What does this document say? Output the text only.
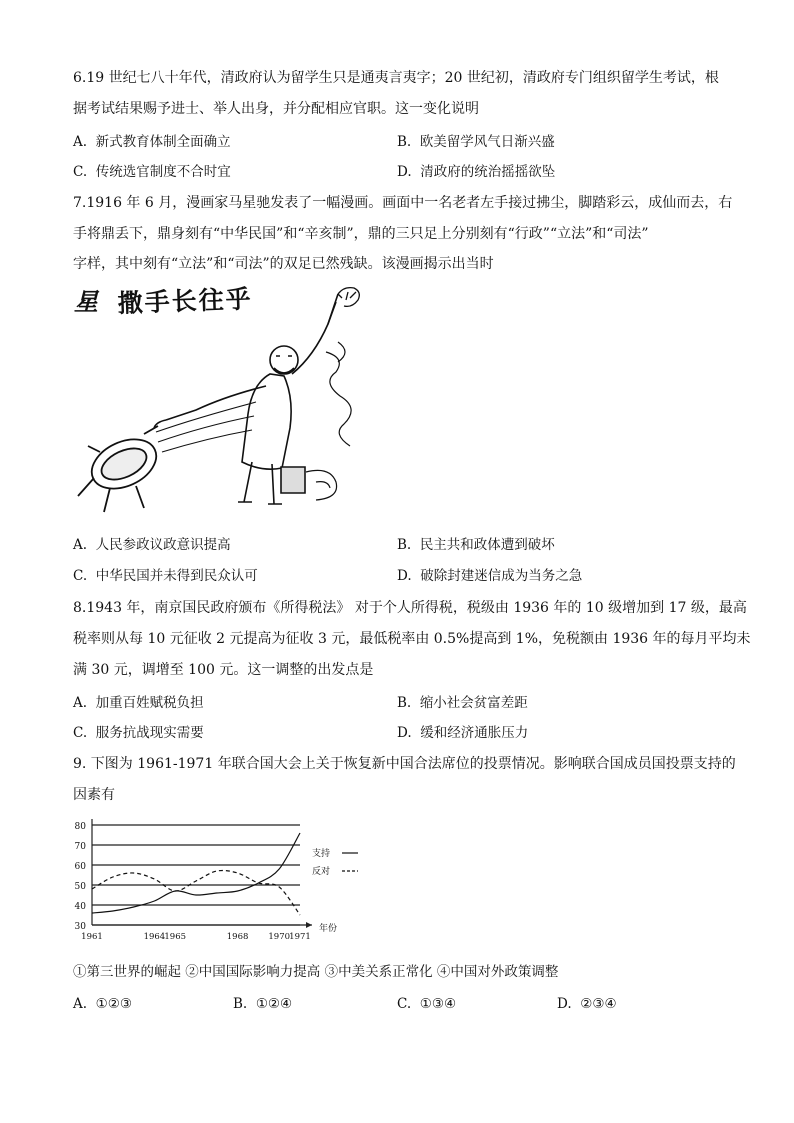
6.19 世纪七八十年代，清政府认为留学生只是通夷言夷字；20 世纪初，清政府专门组织留学生考试，根
据考试结果赐予进士、举人出身，并分配相应官职。这一变化说明
A. 新式教育体制全面确立	B. 欧美留学风气日渐兴盛
C. 传统选官制度不合时宜	D. 清政府的统治摇摇欲坠
7.1916 年 6 月，漫画家马星驰发表了一幅漫画。画面中一名老者左手接过拂尘，脚踏彩云，成仙而去，右
手将鼎丢下，鼎身刻有“中华民国”和“辛亥制”，鼎的三只足上分别刻有“行政”“立法”和“司法”
字样，其中刻有“立法”和“司法”的双足已然残缺。该漫画揭示出当时
星 撒手长往乎
A. 人民参政议政意识提高	B. 民主共和政体遭到破坏
C. 中华民国并未得到民众认可	D. 破除封建迷信成为当务之急
8.1943 年，南京国民政府颁布《所得税法》 对于个人所得税，税级由 1936 年的 10 级增加到 17 级，最高
税率则从每 10 元征收 2 元提高为征收 3 元，最低税率由 0.5%提高到 1%，免税额由 1936 年的每月平均未
满 30 元，调增至 100 元。这一调整的出发点是
A. 加重百姓赋税负担	B. 缩小社会贫富差距
C. 服务抗战现实需要	D. 缓和经济通胀压力
9. 下图为 1961-1971 年联合国大会上关于恢复新中国合法席位的投票情况。影响联合国成员国投票支持的
因素有
30
40
50
60
70
80
1961	1964 1965	1968 1970 1971
年份
支持
反对
①第三世界的崛起 ②中国国际影响力提高 ③中美关系正常化 ④中国对外政策调整
A. ①②③	B. ①②④	C. ①③④	D. ②③④
